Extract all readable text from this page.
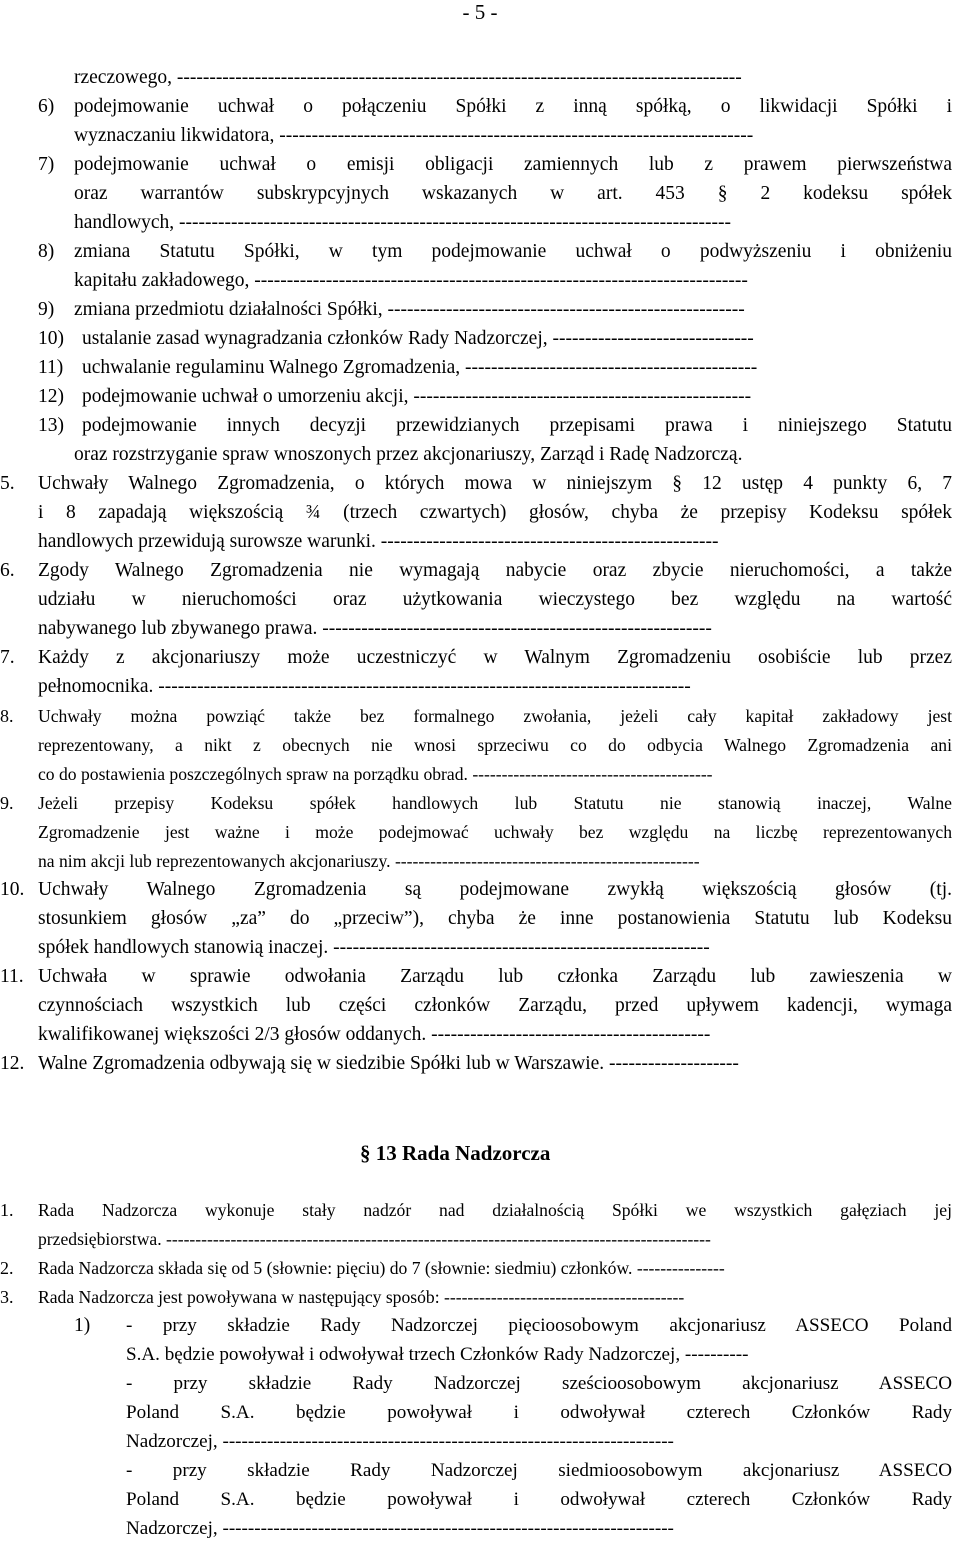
- 5 -
rzeczowego, ---------------------------------------------------------------------------------------
6) podejmowanie uchwał o połączeniu Spółki z inną spółką, o likwidacji Spółki i
wyznaczaniu likwidatora, -------------------------------------------------------------------------
7) podejmowanie uchwał o emisji obligacji zamiennych lub z prawem pierwszeństwa
oraz warrantów subskrypcyjnych wskazanych w art. 453 § 2 kodeksu spółek
handlowych, -------------------------------------------------------------------------------------
8) zmiana Statutu Spółki, w tym podejmowanie uchwał o podwyższeniu i obniżeniu
kapitału zakładowego, ----------------------------------------------------------------------------
9) zmiana przedmiotu działalności Spółki, -------------------------------------------------------
10) ustalanie zasad wynagradzania członków Rady Nadzorczej, -------------------------------
11) uchwalanie regulaminu Walnego Zgromadzenia, ---------------------------------------------
12) podejmowanie uchwał o umorzeniu akcji, ----------------------------------------------------
13) podejmowanie innych decyzji przewidzianych przepisami prawa i niniejszego Statutu
oraz rozstrzyganie spraw wnoszonych przez akcjonariuszy, Zarząd i Radę Nadzorczą.
5. Uchwały Walnego Zgromadzenia, o których mowa w niniejszym § 12 ustęp 4 punkty 6, 7
i 8 zapadają większością ¾ (trzech czwartych) głosów, chyba że przepisy Kodeksu spółek
handlowych przewidują surowsze warunki. ----------------------------------------------------
6. Zgody Walnego Zgromadzenia nie wymagają nabycie oraz zbycie nieruchomości, a także
udziału w nieruchomości oraz użytkowania wieczystego bez względu na wartość
nabywanego lub zbywanego prawa. ------------------------------------------------------------
7. Każdy z akcjonariuszy może uczestniczyć w Walnym Zgromadzeniu osobiście lub przez
pełnomocnika. ----------------------------------------------------------------------------------
8. Uchwały można powziąć także bez formalnego zwołania, jeżeli cały kapitał zakładowy jest
reprezentowany, a nikt z obecnych nie wnosi sprzeciwu co do odbycia Walnego Zgromadzenia ani
co do postawienia poszczególnych spraw na porządku obrad. -----------------------------------------
9. Jeżeli przepisy Kodeksu spółek handlowych lub Statutu nie stanowią inaczej, Walne
Zgromadzenie jest ważne i może podejmować uchwały bez względu na liczbę reprezentowanych
na nim akcji lub reprezentowanych akcjonariuszy. ----------------------------------------------------
10. Uchwały Walnego Zgromadzenia są podejmowane zwykłą większością głosów (tj.
stosunkiem głosów „za” do „przeciw”), chyba że inne postanowienia Statutu lub Kodeksu
spółek handlowych stanowią inaczej. ----------------------------------------------------------
11. Uchwała w sprawie odwołania Zarządu lub członka Zarządu lub zawieszenia w
czynnościach wszystkich lub części członków Zarządu, przed upływem kadencji, wymaga
kwalifikowanej większości 2/3 głosów oddanych. -------------------------------------------
12. Walne Zgromadzenia odbywają się w siedzibie Spółki lub w Warszawie. --------------------
§ 13 Rada Nadzorcza
1. Rada Nadzorcza wykonuje stały nadzór nad działalnością Spółki we wszystkich gałęziach jej
przedsiębiorstwa. ---------------------------------------------------------------------------------------------
2. Rada Nadzorcza składa się od 5 (słownie: pięciu) do 7 (słownie: siedmiu) członków. ---------------
3. Rada Nadzorcza jest powoływana w następujący sposób: -----------------------------------------
1) - przy składzie Rady Nadzorczej pięcioosobowym akcjonariusz ASSECO Poland
S.A. będzie powoływał i odwoływał trzech Członków Rady Nadzorczej, ----------
- przy składzie Rady Nadzorczej sześcioosobowym akcjonariusz ASSECO
Poland S.A. będzie powoływał i odwoływał czterech Członków Rady
Nadzorczej, -----------------------------------------------------------------------
- przy składzie Rady Nadzorczej siedmioosobowym akcjonariusz ASSECO
Poland S.A. będzie powoływał i odwoływał czterech Członków Rady
Nadzorczej, -----------------------------------------------------------------------
